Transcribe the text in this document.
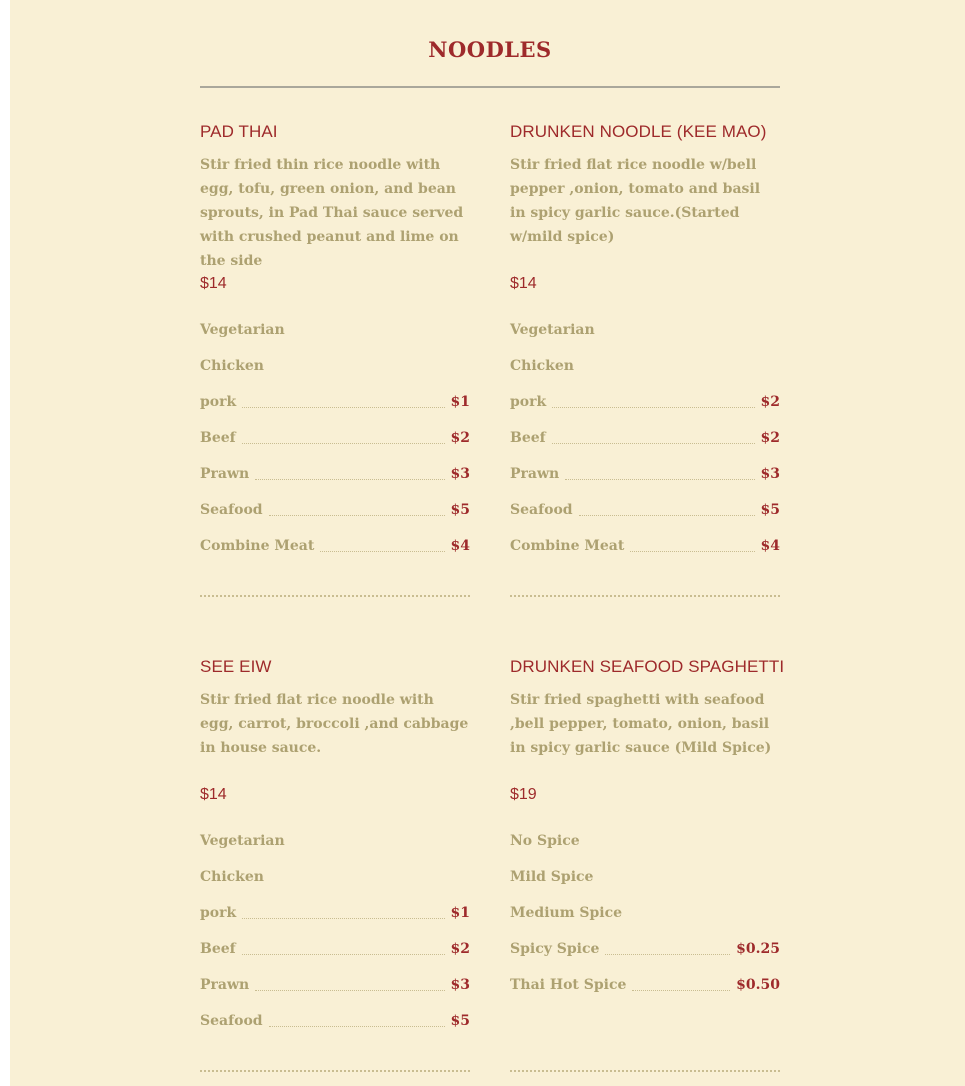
NOODLES
PAD THAI

Stir fried thin rice noodle with egg, tofu, green onion, and bean sprouts, in Pad Thai sauce served with crushed peanut and lime on the side

$14
Vegetarian
Chicken
pork	$1
Beef	$2
Prawn	$3
Seafood	$5
Combine Meat	$4
DRUNKEN NOODLE (KEE MAO)

Stir fried flat rice noodle w/bell pepper ,onion, tomato and basil in spicy garlic sauce.(Started w/mild spice)

$14
Vegetarian
Chicken
pork	$2
Beef	$2
Prawn	$3
Seafood	$5
Combine Meat	$4
SEE EIW

Stir fried flat rice noodle with egg, carrot, broccoli ,and cabbage in house sauce.

$14
Vegetarian
Chicken
pork	$1
Beef	$2
Prawn	$3
Seafood	$5
DRUNKEN SEAFOOD SPAGHETTI

Stir fried spaghetti with seafood ,bell pepper, tomato, onion, basil in spicy garlic sauce (Mild Spice)

$19
No Spice
Mild Spice
Medium Spice
Spicy Spice	$0.25
Thai Hot Spice	$0.50
